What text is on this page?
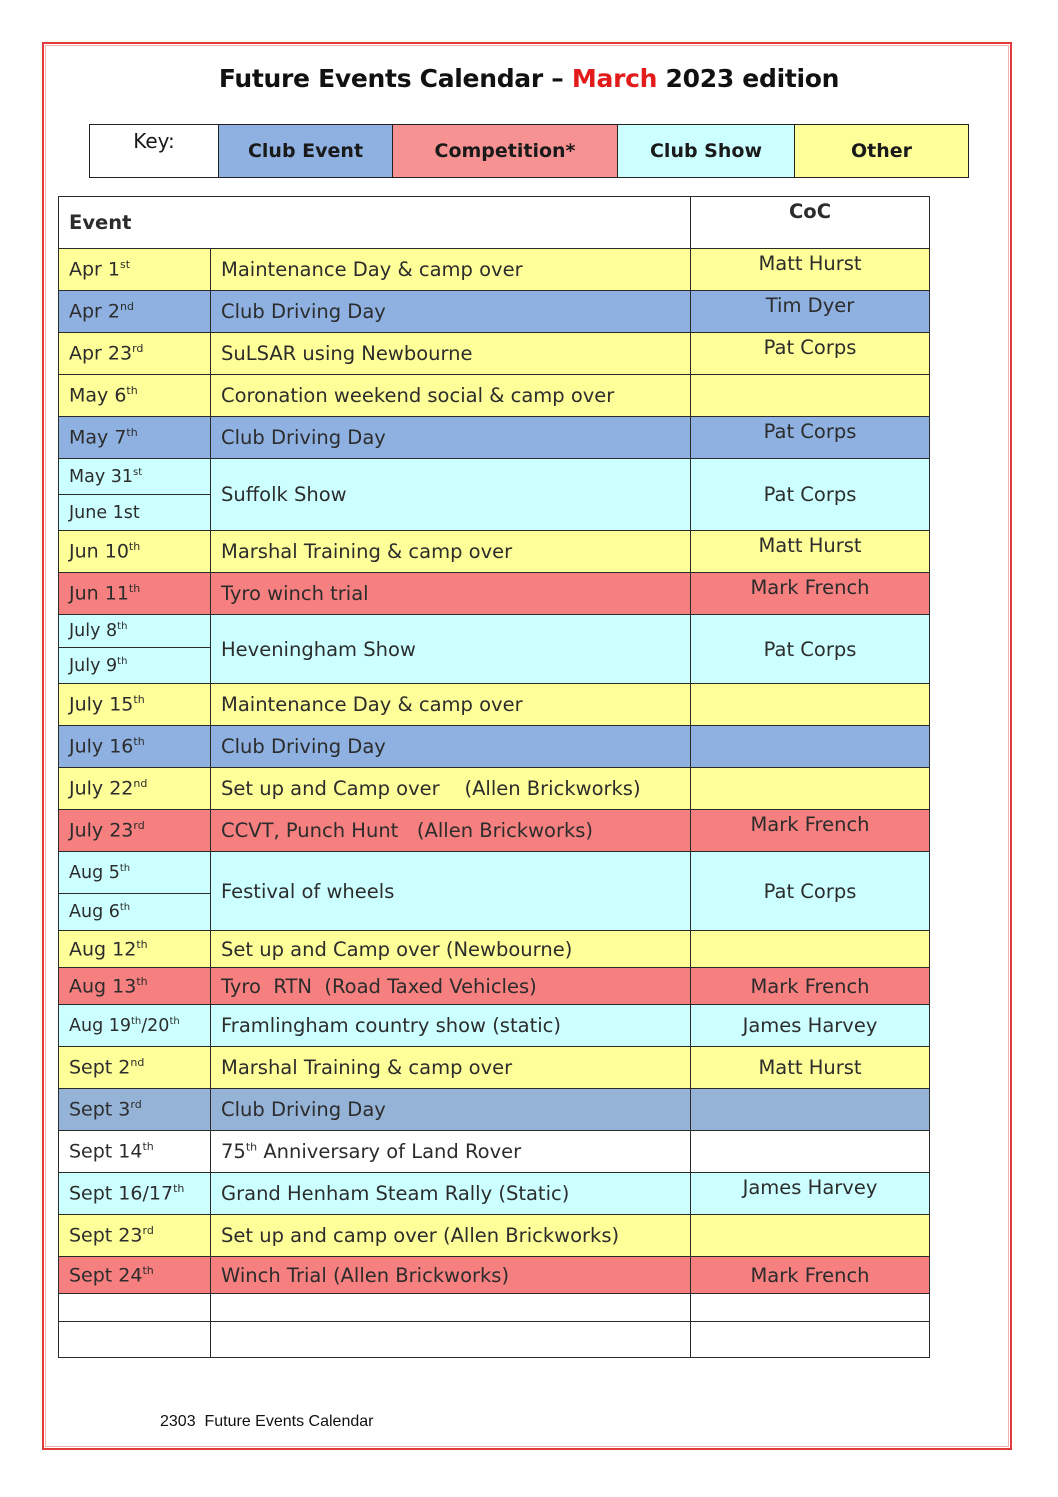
Future Events Calendar – March 2023 edition
Key:	Club Event	Competition*	Club Show	Other
Event		CoC
Apr 1st	Maintenance Day & camp over	Matt Hurst
Apr 2nd	Club Driving Day	Tim Dyer
Apr 23rd	SuLSAR using Newbourne	Pat Corps
May 6th	Coronation weekend social & camp over	
May 7th	Club Driving Day	Pat Corps
May 31st	Suffolk Show	Pat Corps
June 1st		
Jun 10th	Marshal Training & camp over	Matt Hurst
Jun 11th	Tyro winch trial	Mark French
July 8th	Heveningham Show	Pat Corps
July 9th
July 15th	Maintenance Day & camp over	
July 16th	Club Driving Day	
July 22nd	Set up and Camp over    (Allen Brickworks)	
July 23rd	CCVT, Punch Hunt   (Allen Brickworks)	Mark French
Aug 5th	Festival of wheels	Pat Corps
Aug 6th
Aug 12th	Set up and Camp over (Newbourne)	
Aug 13th	Tyro  RTN  (Road Taxed Vehicles)	Mark French
Aug 19th/20th	Framlingham country show (static)	James Harvey
Sept 2nd	Marshal Training & camp over	Matt Hurst
Sept 3rd	Club Driving Day	
Sept 14th	75th Anniversary of Land Rover	
Sept 16/17th	Grand Henham Steam Rally (Static)	James Harvey
Sept 23rd	Set up and camp over (Allen Brickworks)	
Sept 24th	Winch Trial (Allen Brickworks)	Mark French

2303  Future Events Calendar
